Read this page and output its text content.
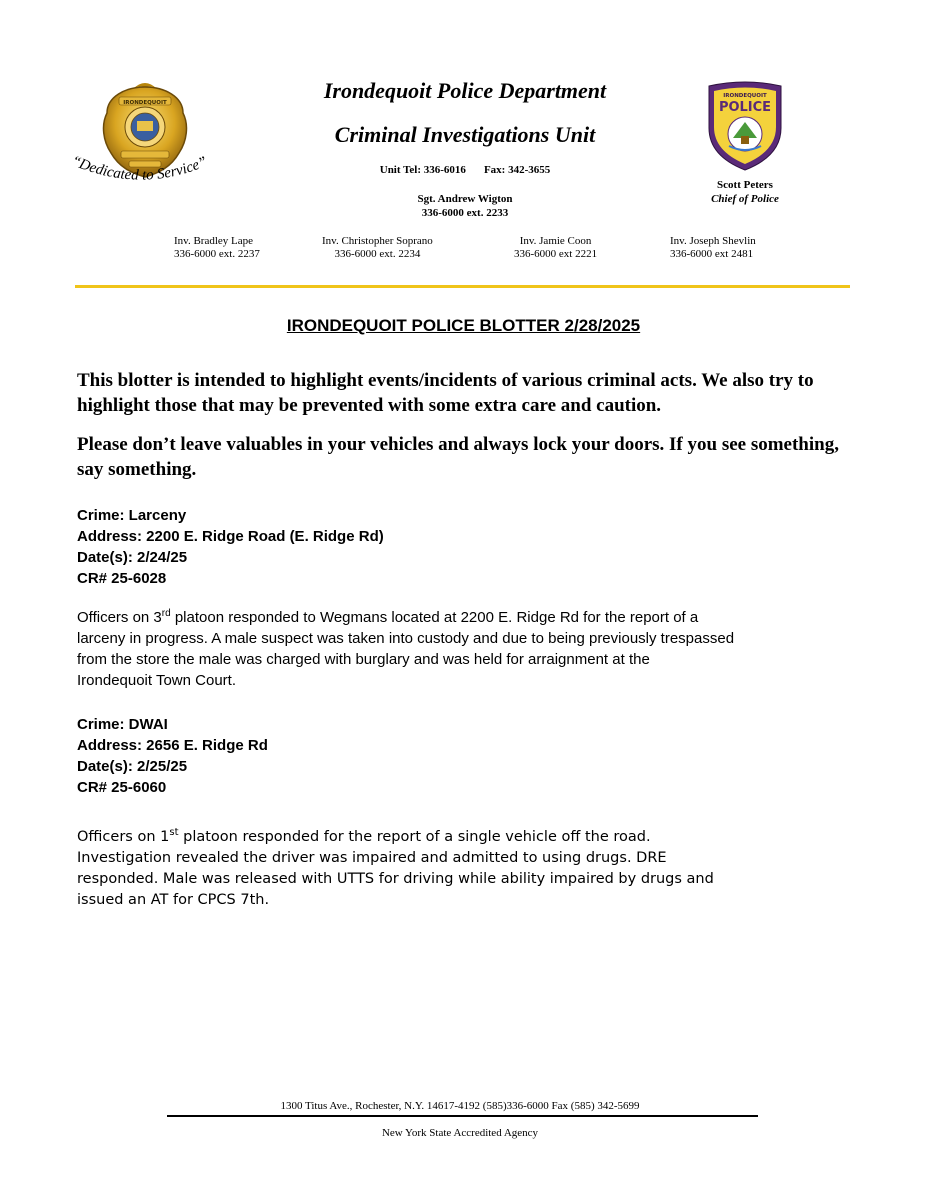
IRONDEQUOIT
“Dedicated to Service”
IRONDEQUOIT
POLICE
Irondequoit Police Department
Criminal Investigations Unit
Unit Tel: 336-6016 Fax: 342-3655
Sgt. Andrew Wigton
336-6000 ext. 2233
Scott Peters
Chief of Police
Inv. Bradley Lape
336-6000 ext. 2237
Inv. Christopher Soprano
336-6000 ext. 2234
Inv. Jamie Coon
336-6000 ext 2221
Inv. Joseph Shevlin
336-6000 ext 2481
IRONDEQUOIT POLICE BLOTTER 2/28/2025
This blotter is intended to highlight events/incidents of various criminal acts. We also try to highlight those that may be prevented with some extra care and caution.
Please don’t leave valuables in your vehicles and always lock your doors. If you see something, say something.
Crime: Larceny
Address: 2200 E. Ridge Road (E. Ridge Rd)
Date(s): 2/24/25
CR# 25-6028
Officers on 3rd platoon responded to Wegmans located at 2200 E. Ridge Rd for the report of a
larceny in progress. A male suspect was taken into custody and due to being previously trespassed
from the store the male was charged with burglary and was held for arraignment at the
Irondequoit Town Court.
Crime: DWAI
Address: 2656 E. Ridge Rd
Date(s): 2/25/25
CR# 25-6060
Officers on 1st platoon responded for the report of a single vehicle off the road.
Investigation revealed the driver was impaired and admitted to using drugs. DRE
responded. Male was released with UTTS for driving while ability impaired by drugs and
issued an AT for CPCS 7th.
1300 Titus Ave., Rochester, N.Y. 14617-4192 (585)336-6000 Fax (585) 342-5699
New York State Accredited Agency
